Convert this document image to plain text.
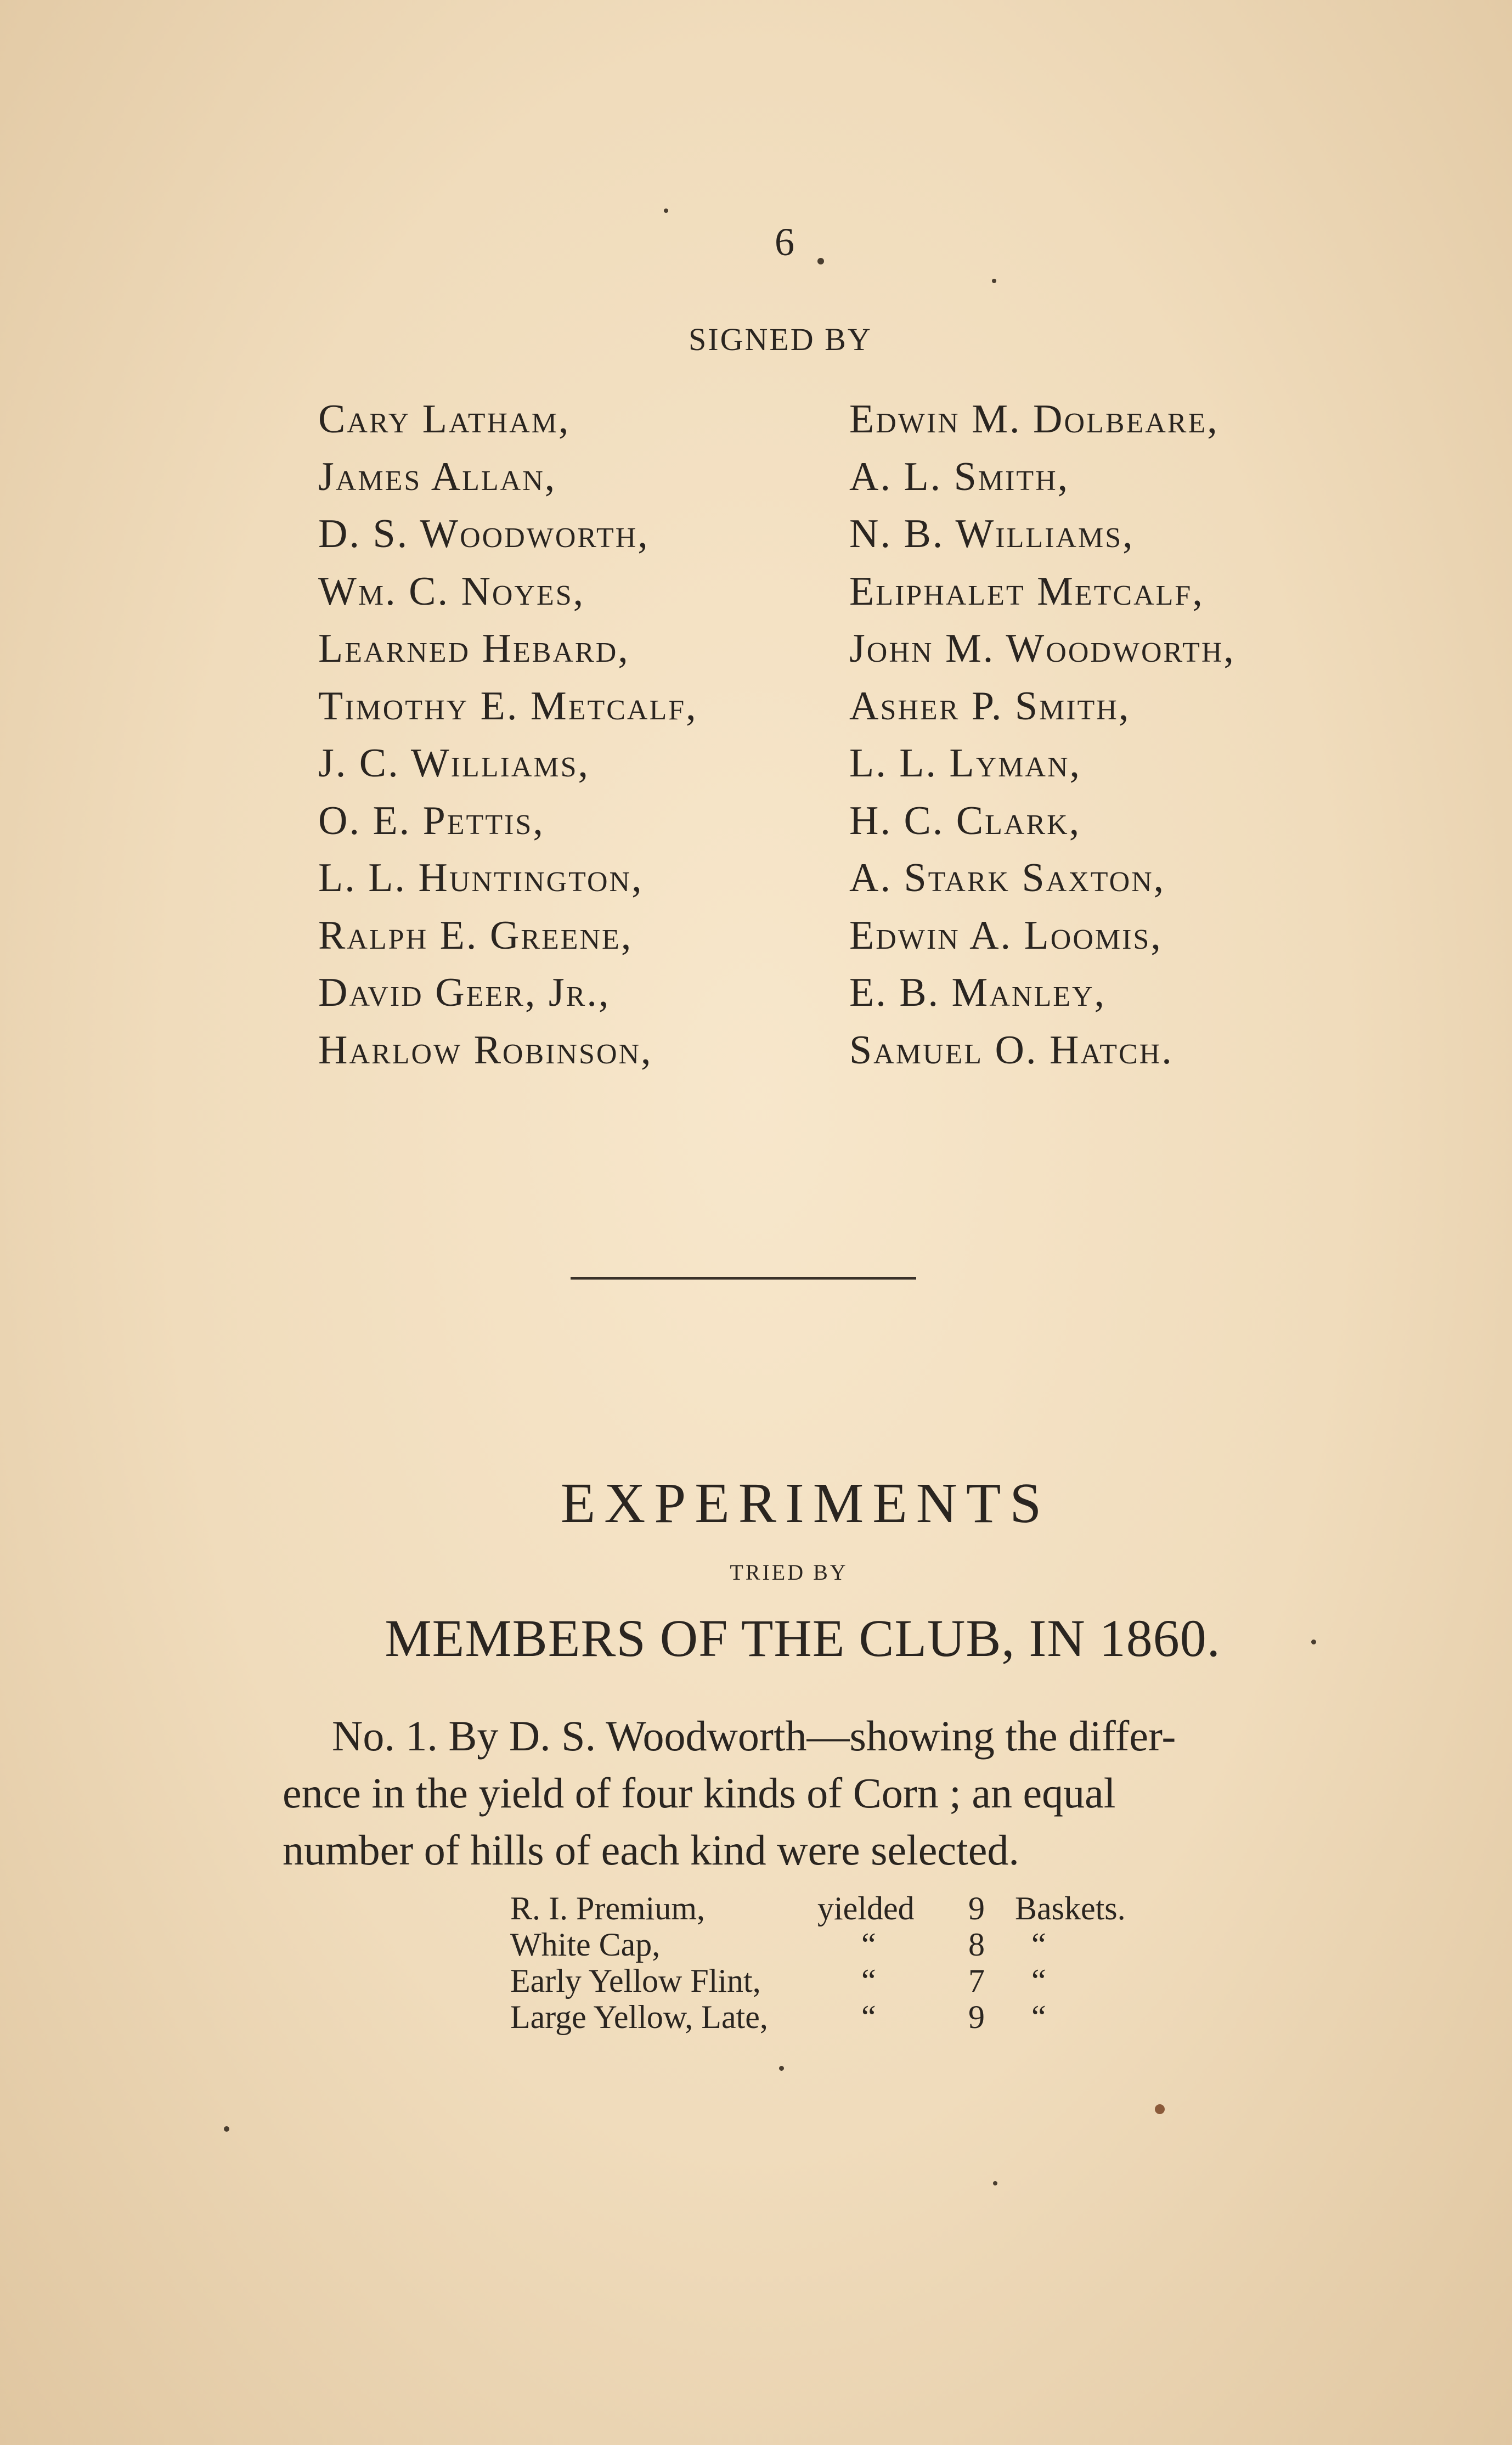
6
SIGNED BY
Cary Latham,
James Allan,
D. S. Woodworth,
Wm. C. Noyes,
Learned Hebard,
Timothy E. Metcalf,
J. C. Williams,
O. E. Pettis,
L. L. Huntington,
Ralph E. Greene,
David Geer, Jr.,
Harlow Robinson,
Edwin M. Dolbeare,
A. L. Smith,
N. B. Williams,
Eliphalet Metcalf,
John M. Woodworth,
Asher P. Smith,
L. L. Lyman,
H. C. Clark,
A. Stark Saxton,
Edwin A. Loomis,
E. B. Manley,
Samuel O. Hatch.
EXPERIMENTS
TRIED BY
MEMBERS OF THE CLUB, IN 1860.

No. 1. By D. S. Woodworth—showing the differ-
ence in the yield of four kinds of Corn ; an equal
number of hills of each kind were selected.

R. I. Premium,	yielded	9	Baskets.
White Cap,	“	8	“
Early Yellow Flint,	“	7	“
Large Yellow, Late,	“	9	“
